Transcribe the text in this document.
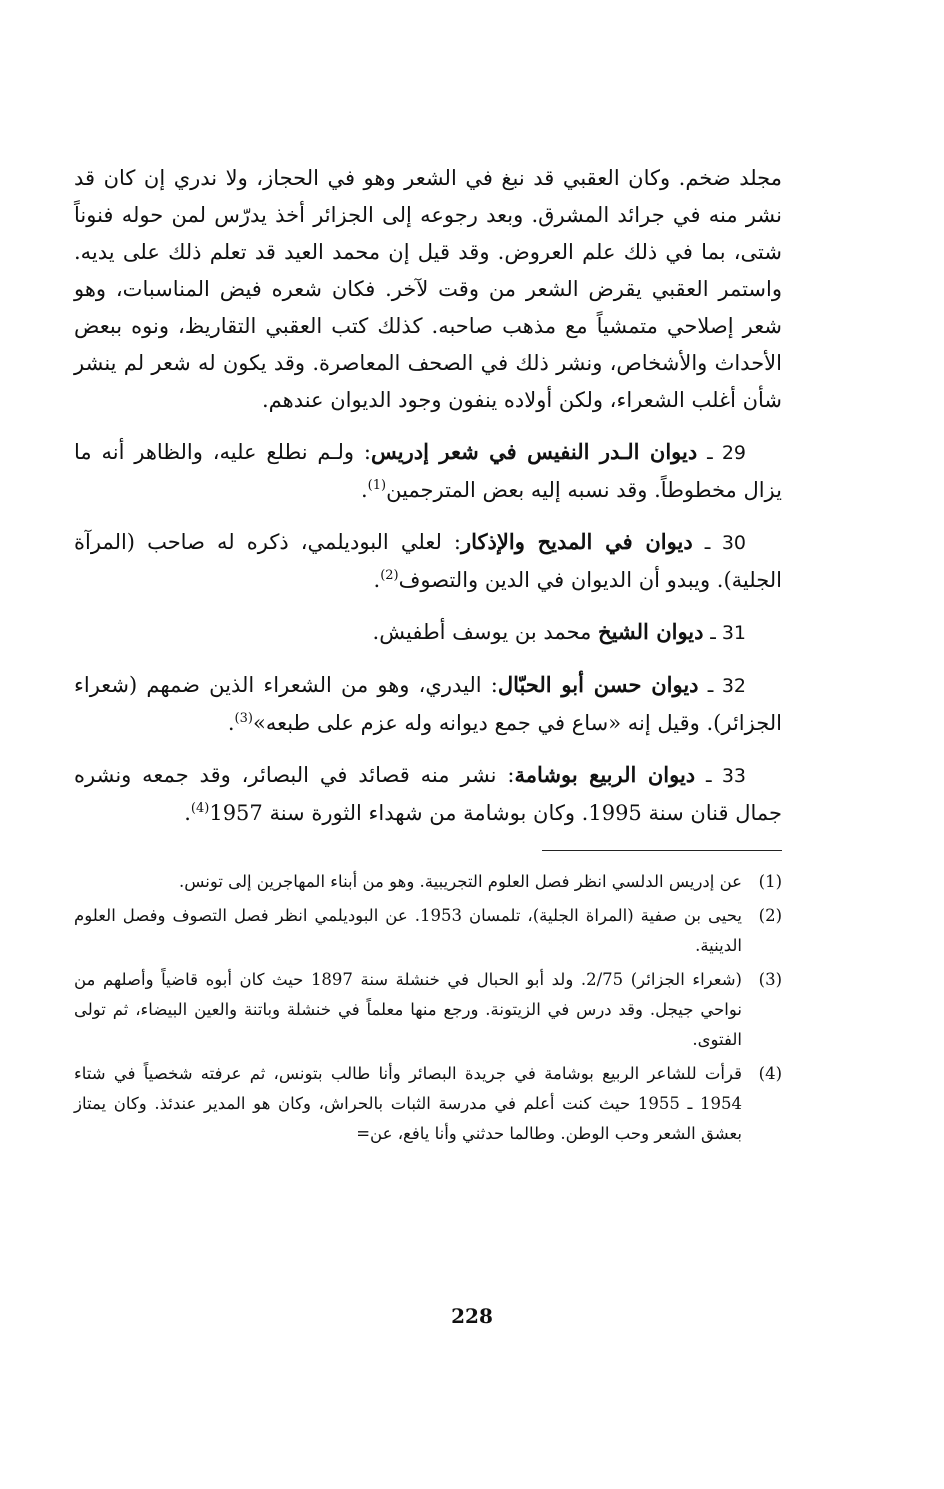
مجلد ضخم. وكان العقبي قد نبغ في الشعر وهو في الحجاز، ولا ندري إن كان قد نشر منه في جرائد المشرق. وبعد رجوعه إلى الجزائر أخذ يدرّس لمن حوله فنوناً شتى، بما في ذلك علم العروض. وقد قيل إن محمد العيد قد تعلم ذلك على يديه. واستمر العقبي يقرض الشعر من وقت لآخر. فكان شعره فيض المناسبات، وهو شعر إصلاحي متمشياً مع مذهب صاحبه. كذلك كتب العقبي التقاريظ، ونوه ببعض الأحداث والأشخاص، ونشر ذلك في الصحف المعاصرة. وقد يكون له شعر لم ينشر شأن أغلب الشعراء، ولكن أولاده ينفون وجود الديوان عندهم.

29 ـ ديوان الـدر النفيس في شعر إدريس: ولـم نطلع عليه، والظاهر أنه ما يزال مخطوطاً. وقد نسبه إليه بعض المترجمين$^{(1)}$.

30 ـ ديوان في المديح والإذكار: لعلي البوديلمي، ذكره له صاحب (المرآة الجلية). ويبدو أن الديوان في الدين والتصوف$^{(2)}$.

31 ـ ديوان الشيخ محمد بن يوسف أطفيش.

32 ـ ديوان حسن أبو الحبّال: اليدري، وهو من الشعراء الذين ضمهم (شعراء الجزائر). وقيل إنه «ساع في جمع ديوانه وله عزم على طبعه»$^{(3)}$.

33 ـ ديوان الربيع بوشامة: نشر منه قصائد في البصائر، وقد جمعه ونشره جمال قنان سنة 1995. وكان بوشامة من شهداء الثورة سنة 1957$^{(4)}$.

(1)
عن إدريس الدلسي انظر فصل العلوم التجريبية. وهو من أبناء المهاجرين إلى تونس.

(2)
يحيى بن صفية (المراة الجلية)، تلمسان 1953. عن البوديلمي انظر فصل التصوف وفصل العلوم الدينية.

(3)
(شعراء الجزائر) 2/75. ولد أبو الحبال في خنشلة سنة 1897 حيث كان أبوه قاضياً وأصلهم من نواحي جيجل. وقد درس في الزيتونة. ورجع منها معلماً في خنشلة وباتنة والعين البيضاء، ثم تولى الفتوى.

(4)
قرأت للشاعر الربيع بوشامة في جريدة البصائر وأنا طالب بتونس، ثم عرفته شخصياً في شتاء 1954 ـ 1955 حيث كنت أعلم في مدرسة الثبات بالحراش، وكان هو المدير عندئذ. وكان يمتاز بعشق الشعر وحب الوطن. وطالما حدثني وأنا يافع، عن=

228
